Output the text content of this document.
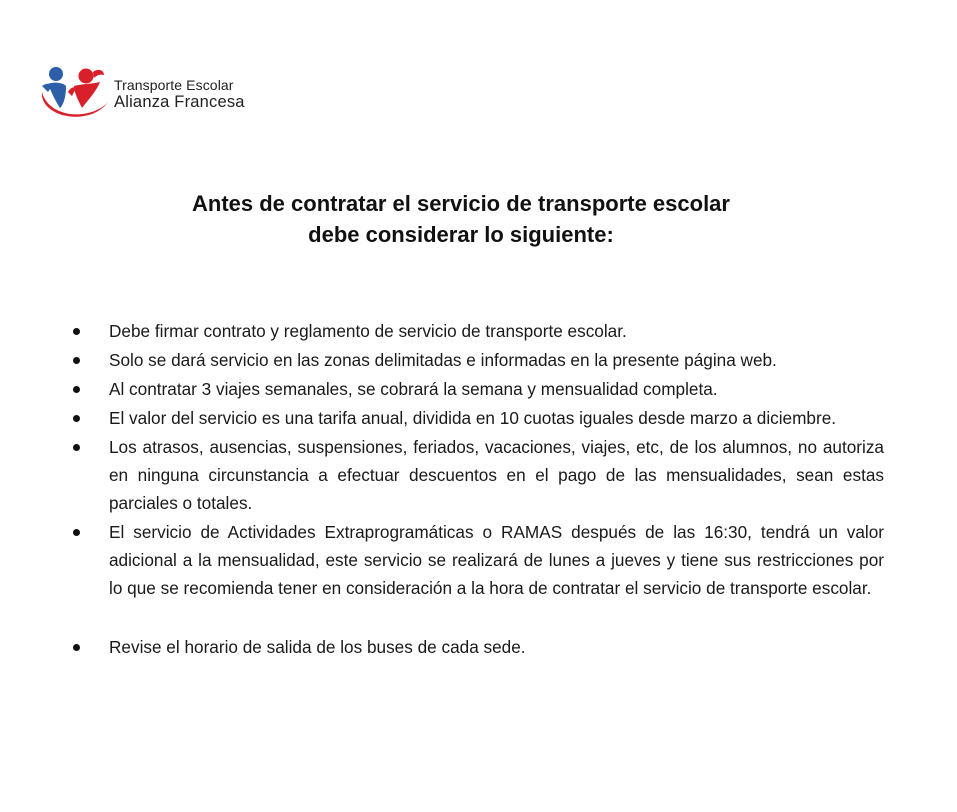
Transporte Escolar
Alianza Francesa
Antes de contratar el servicio de transporte escolar
debe considerar lo siguiente:
Debe firmar contrato y reglamento de servicio de transporte escolar.
Solo se dará servicio en las zonas delimitadas e informadas en la presente página web.
Al contratar 3 viajes semanales, se cobrará la semana y mensualidad completa.
El valor del servicio es una tarifa anual, dividida en 10 cuotas iguales desde marzo a diciembre.
Los atrasos, ausencias, suspensiones, feriados, vacaciones, viajes, etc, de los alumnos, no autoriza en ninguna circunstancia a efectuar descuentos en el pago de las mensualidades, sean estas parciales o totales.
El servicio de Actividades Extraprogramáticas o RAMAS después de las 16:30, tendrá un valor adicional a la mensualidad, este servicio se realizará de lunes a jueves y tiene sus restricciones por lo que se recomienda tener en consideración a la hora de contratar el servicio de transporte escolar.
Revise el horario de salida de los buses de cada sede.
